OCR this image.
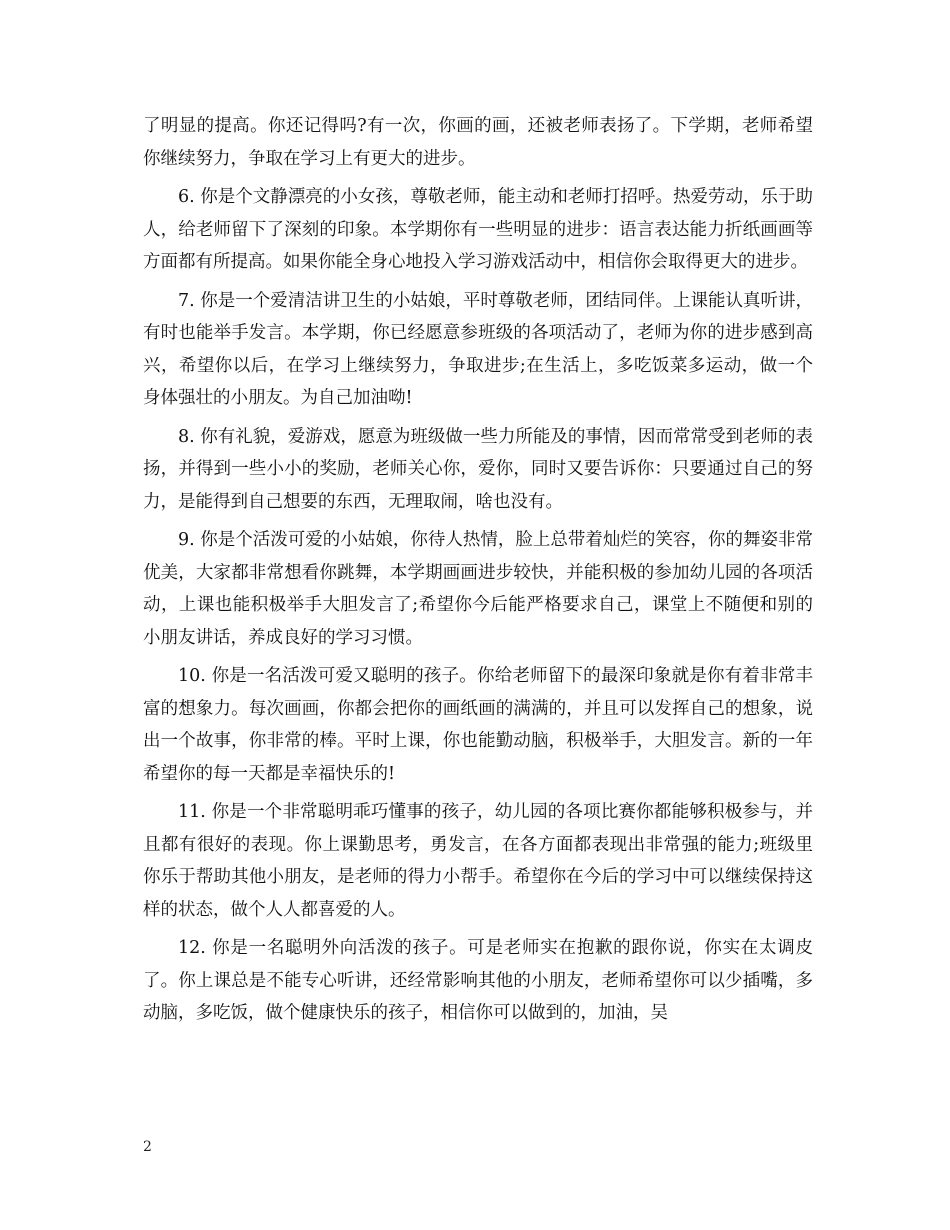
了明显的提高。你还记得吗?有一次，你画的画，还被老师表扬了。下学期，老师希望你继续努力，争取在学习上有更大的进步。

6. 你是个文静漂亮的小女孩，尊敬老师，能主动和老师打招呼。热爱劳动，乐于助人，给老师留下了深刻的印象。本学期你有一些明显的进步：语言表达能力折纸画画等方面都有所提高。如果你能全身心地投入学习游戏活动中，相信你会取得更大的进步。

7. 你是一个爱清洁讲卫生的小姑娘，平时尊敬老师，团结同伴。上课能认真听讲，有时也能举手发言。本学期，你已经愿意参班级的各项活动了，老师为你的进步感到高兴，希望你以后，在学习上继续努力，争取进步;在生活上，多吃饭菜多运动，做一个身体强壮的小朋友。为自己加油呦!

8. 你有礼貌，爱游戏，愿意为班级做一些力所能及的事情，因而常常受到老师的表扬，并得到一些小小的奖励，老师关心你，爱你，同时又要告诉你：只要通过自己的努力，是能得到自己想要的东西，无理取闹，啥也没有。

9. 你是个活泼可爱的小姑娘，你待人热情，脸上总带着灿烂的笑容，你的舞姿非常优美，大家都非常想看你跳舞，本学期画画进步较快，并能积极的参加幼儿园的各项活动，上课也能积极举手大胆发言了;希望你今后能严格要求自己，课堂上不随便和别的小朋友讲话，养成良好的学习习惯。

10. 你是一名活泼可爱又聪明的孩子。你给老师留下的最深印象就是你有着非常丰富的想象力。每次画画，你都会把你的画纸画的满满的，并且可以发挥自己的想象，说出一个故事，你非常的棒。平时上课，你也能勤动脑，积极举手，大胆发言。新的一年希望你的每一天都是幸福快乐的!

11. 你是一个非常聪明乖巧懂事的孩子，幼儿园的各项比赛你都能够积极参与，并且都有很好的表现。你上课勤思考，勇发言，在各方面都表现出非常强的能力;班级里你乐于帮助其他小朋友，是老师的得力小帮手。希望你在今后的学习中可以继续保持这样的状态，做个人人都喜爱的人。

12. 你是一名聪明外向活泼的孩子。可是老师实在抱歉的跟你说，你实在太调皮了。你上课总是不能专心听讲，还经常影响其他的小朋友，老师希望你可以少插嘴，多动脑，多吃饭，做个健康快乐的孩子，相信你可以做到的，加油，吴

2
